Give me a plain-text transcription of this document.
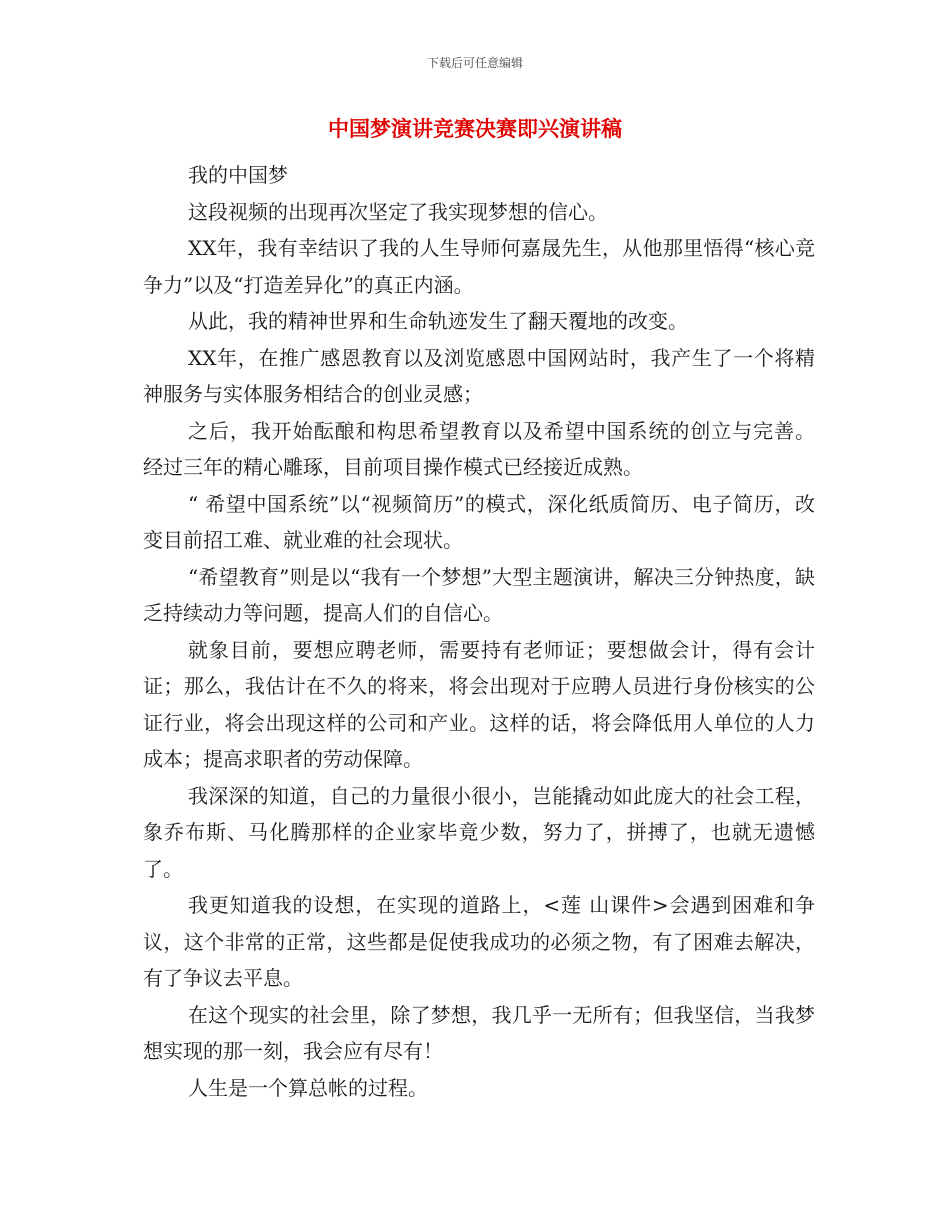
下载后可任意编辑
中国梦演讲竞赛决赛即兴演讲稿

我的中国梦

这段视频的出现再次坚定了我实现梦想的信心。

XX年，我有幸结识了我的人生导师何嘉晟先生，从他那里悟得“核心竞争力”以及“打造差异化”的真正内涵。

从此，我的精神世界和生命轨迹发生了翻天覆地的改变。

XX年，在推广感恩教育以及浏览感恩中国网站时，我产生了一个将精神服务与实体服务相结合的创业灵感；

之后，我开始酝酿和构思希望教育以及希望中国系统的创立与完善。  经过三年的精心雕琢，目前项目操作模式已经接近成熟。

“ 希望中国系统”以“视频简历”的模式，深化纸质简历、电子简历，改变目前招工难、就业难的社会现状。

“希望教育”则是以“我有一个梦想”大型主题演讲，解决三分钟热度，缺乏持续动力等问题，提高人们的自信心。

就象目前，要想应聘老师，需要持有老师证；要想做会计，得有会计证；那么，我估计在不久的将来，将会出现对于应聘人员进行身份核实的公证行业，将会出现这样的公司和产业。这样的话，将会降低用人单位的人力成本；提高求职者的劳动保障。

我深深的知道，自己的力量很小很小，岂能撬动如此庞大的社会工程，象乔布斯、马化腾那样的企业家毕竟少数，努力了，拼搏了，也就无遗憾了。

我更知道我的设想，在实现的道路上，<莲 山课件>会遇到困难和争议，这个非常的正常，这些都是促使我成功的必须之物，有了困难去解决，有了争议去平息。

在这个现实的社会里，除了梦想，我几乎一无所有；但我坚信，当我梦想实现的那一刻，我会应有尽有！

人生是一个算总帐的过程。
